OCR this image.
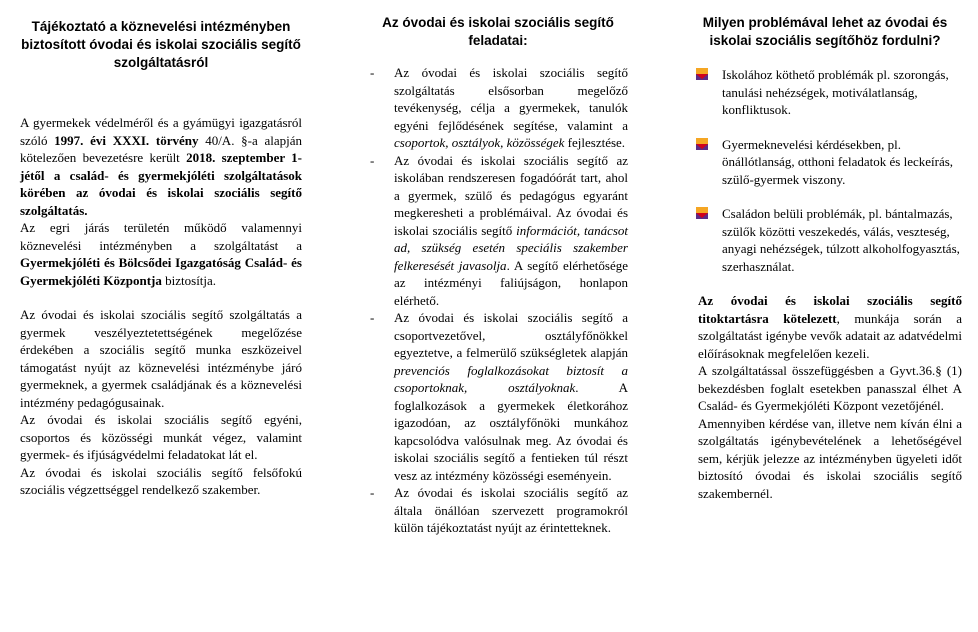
Tájékoztató a köznevelési intézményben biztosított óvodai és iskolai szociális segítő szolgáltatásról

A gyermekek védelméről és a gyámügyi igazgatásról szóló 1997. évi XXXI. törvény 40/A. §-a alapján kötelezően bevezetésre került 2018. szeptember 1-jétől a család- és gyermekjóléti szolgáltatások körében az óvodai és iskolai szociális segítő szolgáltatás.

Az egri járás területén működő valamennyi köznevelési intézményben a szolgáltatást a Gyermekjóléti és Bölcsődei Igazgatóság Család- és Gyermekjóléti Központja biztosítja.

Az óvodai és iskolai szociális segítő szolgáltatás a gyermek veszélyeztetettségének megelőzése érdekében a szociális segítő munka eszközeivel támogatást nyújt az köznevelési intézménybe járó gyermeknek, a gyermek családjának és a köznevelési intézmény pedagógusainak.

Az óvodai és iskolai szociális segítő egyéni, csoportos és közösségi munkát végez, valamint gyermek- és ifjúságvédelmi feladatokat lát el.

Az óvodai és iskolai szociális segítő felsőfokú szociális végzettséggel rendelkező szakember.

Az óvodai és iskolai szociális segítő feladatai:
- Az óvodai és iskolai szociális segítő szolgáltatás elsősorban megelőző tevékenység, célja a gyermekek, tanulók egyéni fejlődésének segítése, valamint a csoportok, osztályok, közösségek fejlesztése.
- Az óvodai és iskolai szociális segítő az iskolában rendszeresen fogadóórát tart, ahol a gyermek, szülő és pedagógus egyaránt megkeresheti a problémáival. Az óvodai és iskolai szociális segítő információt, tanácsot ad, szükség esetén speciális szakember felkeresését javasolja. A segítő elérhetősége az intézményi faliújságon, honlapon elérhető.
- Az óvodai és iskolai szociális segítő a csoportvezetővel, osztályfőnökkel egyeztetve, a felmerülő szükségletek alapján prevenciós foglalkozásokat biztosít a csoportoknak, osztályoknak. A foglalkozások a gyermekek életkorához igazodóan, az osztályfőnöki munkához kapcsolódva valósulnak meg. Az óvodai és iskolai szociális segítő a fentieken túl részt vesz az intézmény közösségi eseményein.
- Az óvodai és iskolai szociális segítő az általa önállóan szervezett programokról külön tájékoztatást nyújt az érintetteknek.
Milyen problémával lehet az óvodai és iskolai szociális segítőhöz fordulni?
Iskolához köthető problémák pl. szorongás, tanulási nehézségek, motiválatlanság, konfliktusok.
Gyermeknevelési kérdésekben, pl. önállótlanság, otthoni feladatok és leckeírás, szülő-gyermek viszony.
Családon belüli problémák, pl. bántalmazás, szülők közötti veszekedés, válás, veszteség, anyagi nehézségek, túlzott alkoholfogyasztás, szerhasználat.

Az óvodai és iskolai szociális segítő titoktartásra kötelezett, munkája során a szolgáltatást igénybe vevők adatait az adatvédelmi előírásoknak megfelelően kezeli.

A szolgáltatással összefüggésben a Gyvt.36.§ (1) bekezdésben foglalt esetekben panasszal élhet A Család- és Gyermekjóléti Központ vezetőjénél.

Amennyiben kérdése van, illetve nem kíván élni a szolgáltatás igénybevételének a lehetőségével sem, kérjük jelezze az intézményben ügyeleti időt biztosító óvodai és iskolai szociális segítő szakembernél.
